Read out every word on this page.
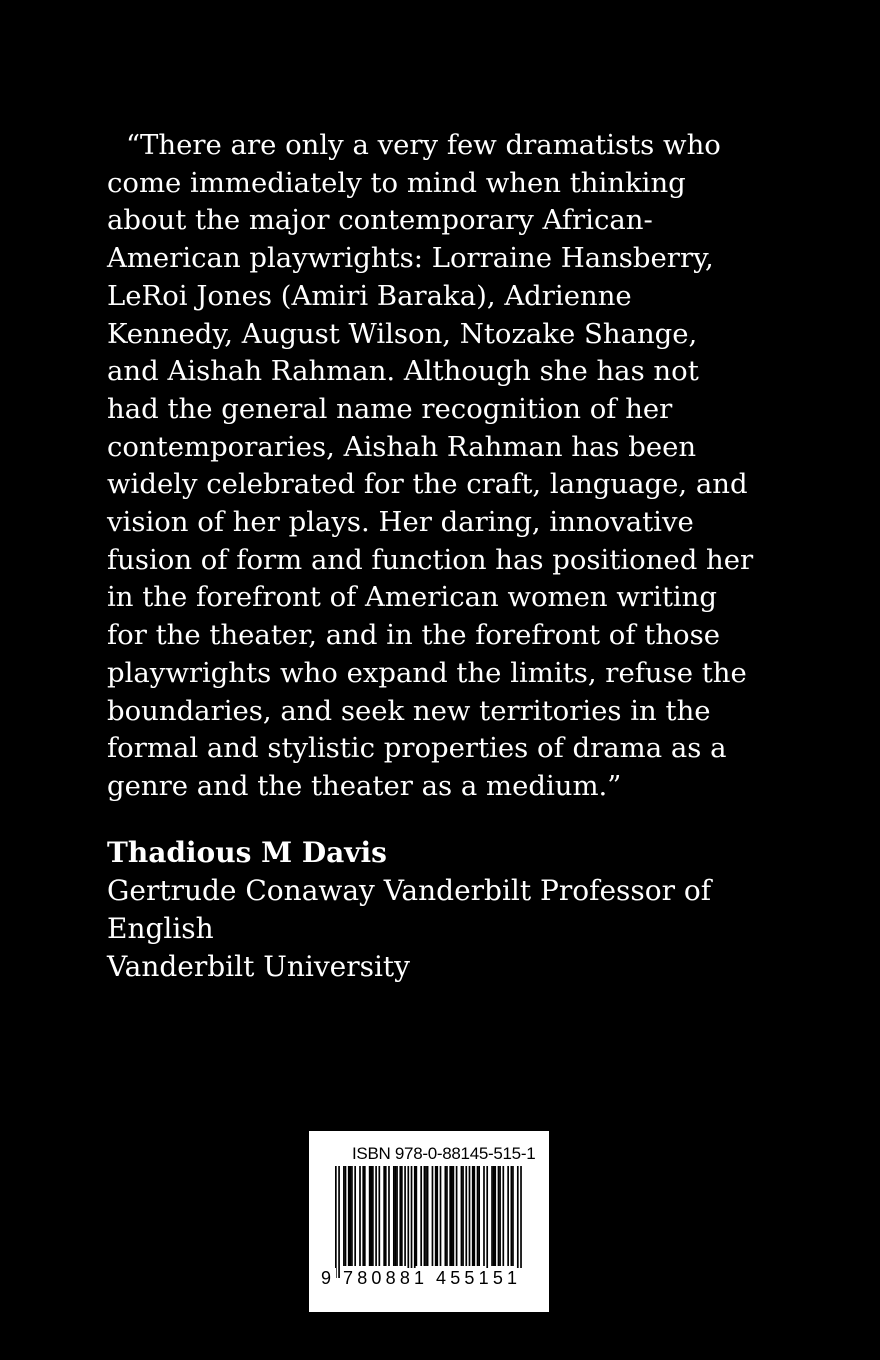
“There are only a very few dramatists who

come immediately to mind when thinking

about the major contemporary African-

American playwrights: Lorraine Hansberry,

LeRoi Jones (Amiri Baraka), Adrienne

Kennedy, August Wilson, Ntozake Shange,

and Aishah Rahman. Although she has not

had the general name recognition of her

contemporaries, Aishah Rahman has been

widely celebrated for the craft, language, and

vision of her plays. Her daring, innovative

fusion of form and function has positioned her

in the forefront of American women writing

for the theater, and in the forefront of those

playwrights who expand the limits, refuse the

boundaries, and seek new territories in the

formal and stylistic properties of drama as a

genre and the theater as a medium.”

Thadious M Davis

Gertrude Conaway Vanderbilt Professor of

English

Vanderbilt University

ISBN 978-0-88145-515-1
9 780881 455151
